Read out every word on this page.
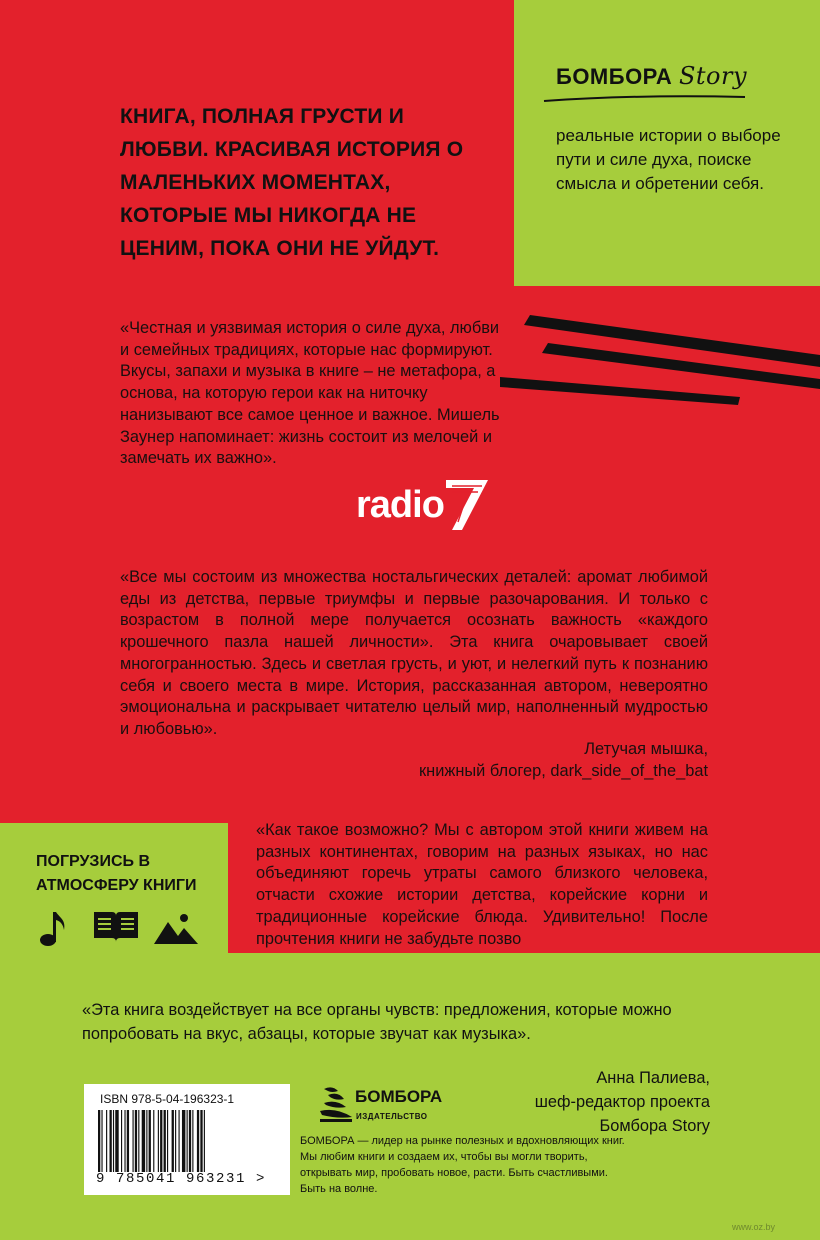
БОМБОРА Story
реальные истории о выборе пути и силе духа, поиске смысла и обретении себя.
КНИГА, ПОЛНАЯ ГРУСТИ И ЛЮБВИ. КРАСИВАЯ ИСТОРИЯ О МАЛЕНЬКИХ МОМЕНТАХ, КОТОРЫЕ МЫ НИКОГДА НЕ ЦЕНИМ, ПОКА ОНИ НЕ УЙДУТ.
«Честная и уязвимая история о силе духа, любви и семейных традициях, которые нас формируют. Вкусы, запахи и музыка в книге – не метафора, а основа, на которую герои как на ниточку нанизывают все самое ценное и важное. Мишель Заунер напоминает: жизнь состоит из мелочей и замечать их важно».
radio
7
«Все мы состоим из множества ностальгических деталей: аромат любимой еды из детства, первые триумфы и первые разочарования. И только с возрастом в полной мере получается осознать важность «каждого крошечного пазла нашей личности». Эта книга очаровывает своей многогранностью. Здесь и светлая грусть, и уют, и нелегкий путь к познанию себя и своего места в мире. История, рассказанная автором, невероятно эмоциональна и раскрывает читателю целый мир, наполненный мудростью и любовью».
Летучая мышка,
книжный блогер, dark_side_of_the_bat
ПОГРУЗИСЬ В АТМОСФЕРУ КНИГИ
«Как такое возможно? Мы с автором этой книги живем на разных континентах, говорим на разных языках, но нас объединяют горечь утраты самого близкого человека, отчасти схожие истории детства, корейские корни и традиционные корейские блюда. Удивительно! После прочтения книги не забудьте позво
«Эта книга воздействует на все органы чувств: предложения, которые можно попробовать на вкус, абзацы, которые звучат как музыка».
Анна Палиева,
шеф-редактор проекта
Бомбора Story
ISBN 978-5-04-196323-1
9 785041 963231 >
БОМБОРА
ИЗДАТЕЛЬСТВО
БОМБОРА — лидер на рынке полезных и вдохновляющих книг. Мы любим книги и создаем их, чтобы вы могли творить, открывать мир, пробовать новое, расти. Быть счастливыми. Быть на волне.
www.oz.by
